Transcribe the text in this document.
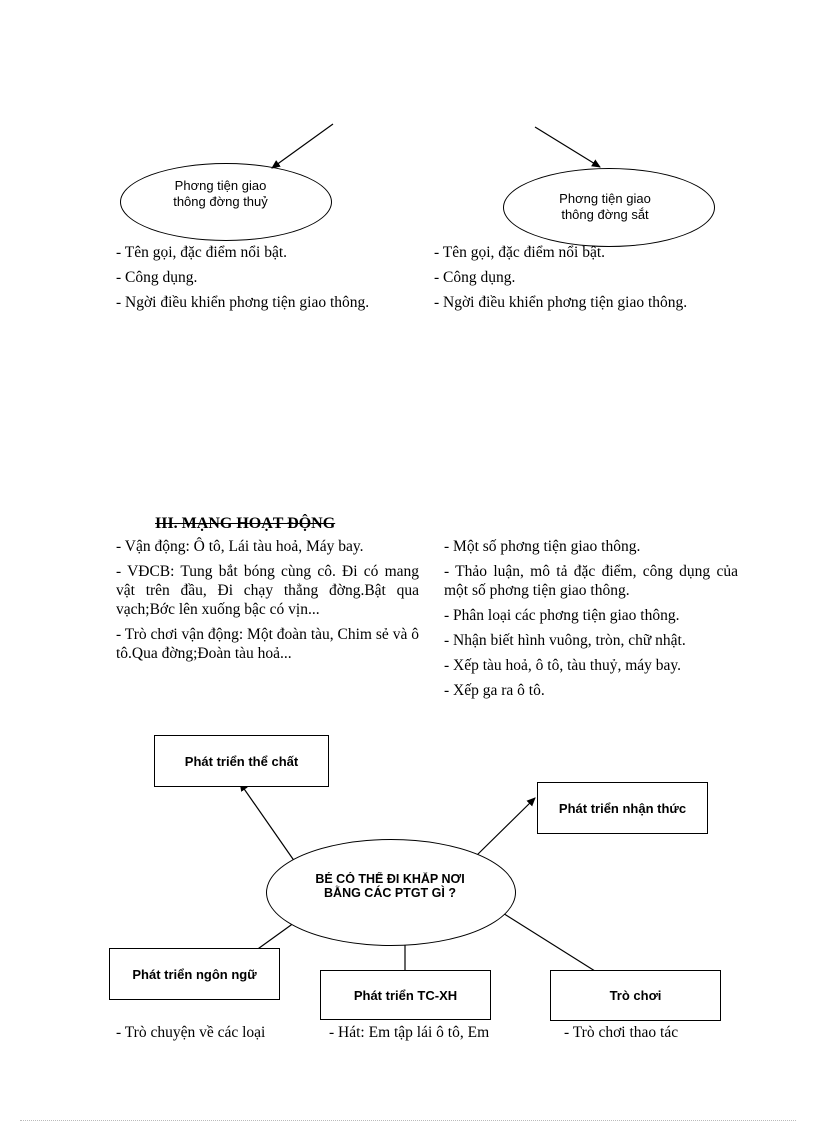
Phơng tiện giao
thông đờng thuỷ	Phơng tiện giao
thông đờng sắt

- Tên gọi, đặc điểm nổi bật.

- Công dụng.

- Ngời điều khiển phơng tiện giao thông.

- Tên gọi, đặc điểm nổi bật.

- Công dụng.

- Ngời điều khiển phơng tiện giao thông.

III. MẠNG HOẠT ĐỘNG

- Vận động: Ô tô, Lái tàu hoả, Máy bay.

- VĐCB: Tung bắt bóng cùng cô. Đi có mang vật trên đầu, Đi chạy thẳng đờng.Bật qua vạch;Bớc lên xuống bậc có vịn...

- Trò chơi vận động: Một đoàn tàu, Chim sẻ và ô tô.Qua đờng;Đoàn tàu hoả...

- Một số phơng tiện giao thông.

- Thảo luận, mô tả đặc điểm, công dụng của một số phơng tiện giao thông.

- Phân loại các phơng tiện giao thông.

- Nhận biết hình vuông, tròn, chữ nhật.

- Xếp tàu hoả, ô tô, tàu thuỷ, máy bay.

- Xếp ga ra ô tô.

Phát triển thể chất
Phát triển nhận thức
Phát triển ngôn ngữ
Phát triển TC-XH	Trò chơi
BÉ CÓ THỂ ĐI KHẮP NƠI
BẰNG CÁC PTGT GÌ ?
- Trò chuyện về các loại	- Hát: Em tập lái ô tô, Em	- Trò chơi thao tác
